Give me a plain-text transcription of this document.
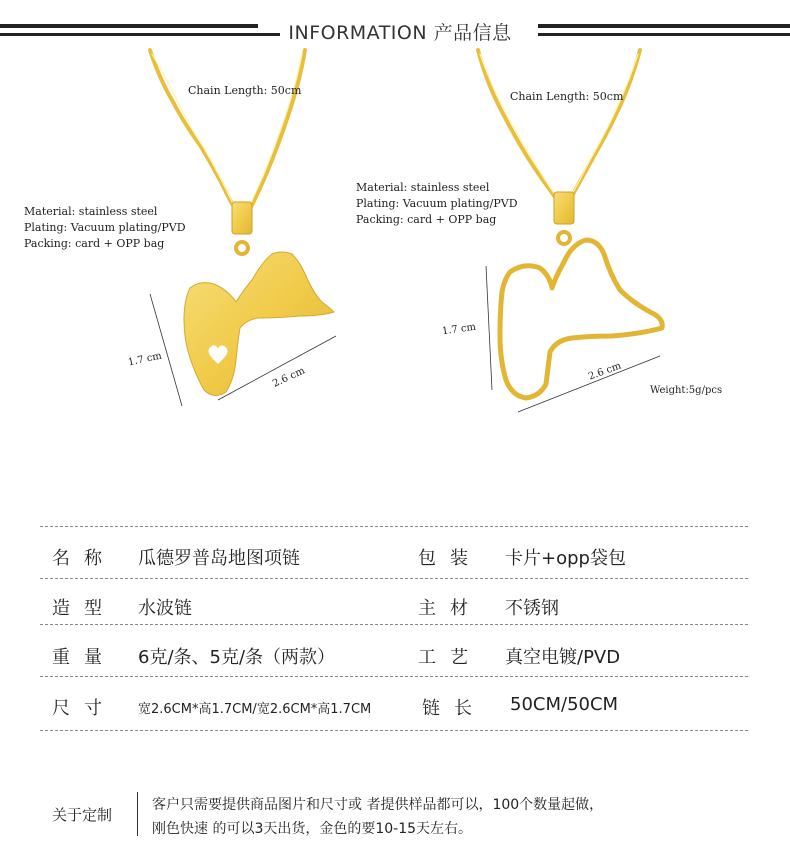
INFORMATION 产品信息
Chain Length: 50cm
Material: stainless steel
Plating: Vacuum plating/PVD
Packing: card + OPP bag
1.7 cm
2.6 cm
Chain Length: 50cm
Material: stainless steel
Plating: Vacuum plating/PVD
Packing: card + OPP bag
1.7 cm
2.6 cm
Weight:5g/pcs
名称 瓜德罗普岛地图项链	包装 卡片+opp袋包
造型 水波链	主材 不锈钢
重量 6克/条、5克/条（两款）	工艺 真空电镀/PVD
尺寸 宽2.6CM*高1.7CM/宽2.6CM*高1.7CM	链长 50CM/50CM
关于定制
客户只需要提供商品图片和尺寸或 者提供样品都可以，100个数量起做，
刚色快速 的可以3天出货，金色的要10-15天左右。
